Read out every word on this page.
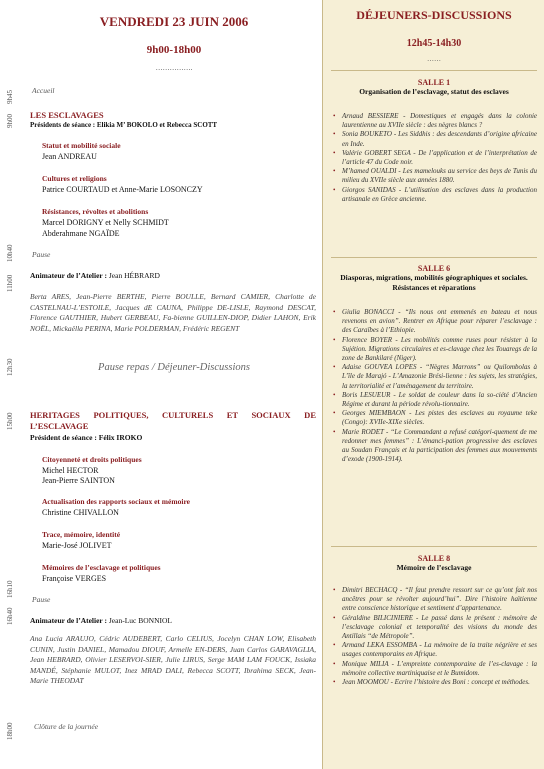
9h00
9h45
10h40
11h00
12h30
15h00
16h10
16h40
18h00
VENDREDI 23 JUIN 2006
9h00-18h00
…………….
Accueil
LES ESCLAVAGES
Présidents de séance : Elikia M’ BOKOLO et Rebecca SCOTT
Statut et mobilité sociale
Jean ANDREAU
Cultures et religions
Patrice COURTAUD et Anne-Marie LOSONCZY
Résistances, révoltes et abolitions
Marcel DORIGNY et Nelly SCHMIDT
Abderahmane NGAÏDE
Pause
Animateur de l’Atelier : Jean HÉBRARD
Berta ARES, Jean-Pierre BERTHE, Pierre BOULLE, Bernard CAMIER, Charlotte de CASTELNAU-L’ESTOILE, Jacques dE CAUNA, Philippe DE-LISLE, Raymond DESCAT, Florence GAUTHIER, Hubert GERBEAU, Fa-bienne GUILLEN-DIOP, Didier LAHON, Erik NOËL, Mickaëlla PERINA, Marie POLDERMAN, Frédéric REGENT
Pause repas / Déjeuner-Discussions
HERITAGES POLITIQUES, CULTURELS ET SOCIAUX DE L’ESCLAVAGE
Président de séance : Félix IROKO
Citoyenneté et droits politiques
Michel HECTOR
Jean-Pierre SAINTON
Actualisation des rapports sociaux et mémoire
Christine CHIVALLON
Trace, mémoire, identité
Marie-José JOLIVET
Mémoires de l’esclavage et politiques
Françoise VERGES
Pause
Animateur de l’Atelier : Jean-Luc BONNIOL
Ana Lucia ARAUJO, Cédric AUDEBERT, Carlo CELIUS, Jocelyn CHAN LOW, Elisabeth CUNIN, Justin DANIEL, Mamadou DIOUF, Armelle EN-DERS, Juan Carlos GARAVAGLIA, Jean HEBRARD, Olivier LESERVOI-SIER, Julie LIRUS, Serge MAM LAM FOUCK, Issiaka MANDÉ, Stéphanie MULOT, Inez MRAD DALI, Rebecca SCOTT, Ibrahima SECK, Jean-Marie THEODAT
Clôture de la journée
DÉJEUNERS-DISCUSSIONS
12h45-14h30
……
SALLE 1
Organisation de l’esclavage, statut des esclaves
• Arnaud BESSIERE - Domestiques et engagés dans la colonie laurentienne au XVIIe siècle : des nègres blancs ?
• Sonia BOUKETO - Les Siddhis : des descendants d’origine africaine en Inde.
• Valérie GOBERT SEGA - De l’application et de l’interprétation de l’article 47 du Code noir.
• M’hamed OUALDI - Les mamelouks au service des beys de Tunis du milieu du XVIIe siècle aux années 1880.
• Giorgos SANIDAS - L’utilisation des esclaves dans la production artisanale en Grèce ancienne.
SALLE 6
Diasporas, migrations, mobilités géographiques et sociales. Résistances et réparations
• Giulia BONACCI - “Ils nous ont emmenés en bateau et nous revenons en avion”. Rentrer en Afrique pour réparer l’esclavage : des Caraïbes à l’Ethiopie.
• Florence BOYER - Les mobilités comme ruses pour résister à la Sujétion. Migrations circulaires et es-clavage chez les Touaregs de la zone de Bankilaré (Niger).
• Adaise GOUVEA LOPES - “Nègres Marrons” ou Quilombolas à L’île de Marajó - L’Amazonie Brési-lienne : les sujets, les stratégies, la territorialité et l’aménagement du territoire.
• Boris LESUEUR - Le soldat de couleur dans la so-ciété d’Ancien Régime et durant la période révolu-tionnaire.
• Georges MIEMBAON - Les pistes des esclaves au royaume teke (Congo): XVIIe-XIXe siècles.
• Marie RODET - “Le Commandant a refusé catégori-quement de me redonner mes femmes” : L’émanci-pation progressive des esclaves au Soudan Français et la participation des femmes aux mouvements d’exode (1900-1914).
SALLE 8
Mémoire de l’esclavage
• Dimitri BECHACQ - “Il faut prendre ressort sur ce qu’ont fait nos ancêtres pour se révolter aujourd’hui”. Dire l’histoire haïtienne entre conscience historique et sentiment d’appartenance.
• Géraldine BILICINIERE - Le passé dans le présent : mémoire de l’esclavage colonial et temporalité des visions du monde des Antillais “de Métropole”.
• Armand LEKA ESSOMBA - La mémoire de la traite négrière et ses usages contemporains en Afrique.
• Monique MILIA - L’empreinte contemporaine de l’es-clavage : la mémoire collective martiniquaise et le Bumidom.
• Jean MOOMOU - Ecrire l’histoire des Boni : concept et méthodes.
